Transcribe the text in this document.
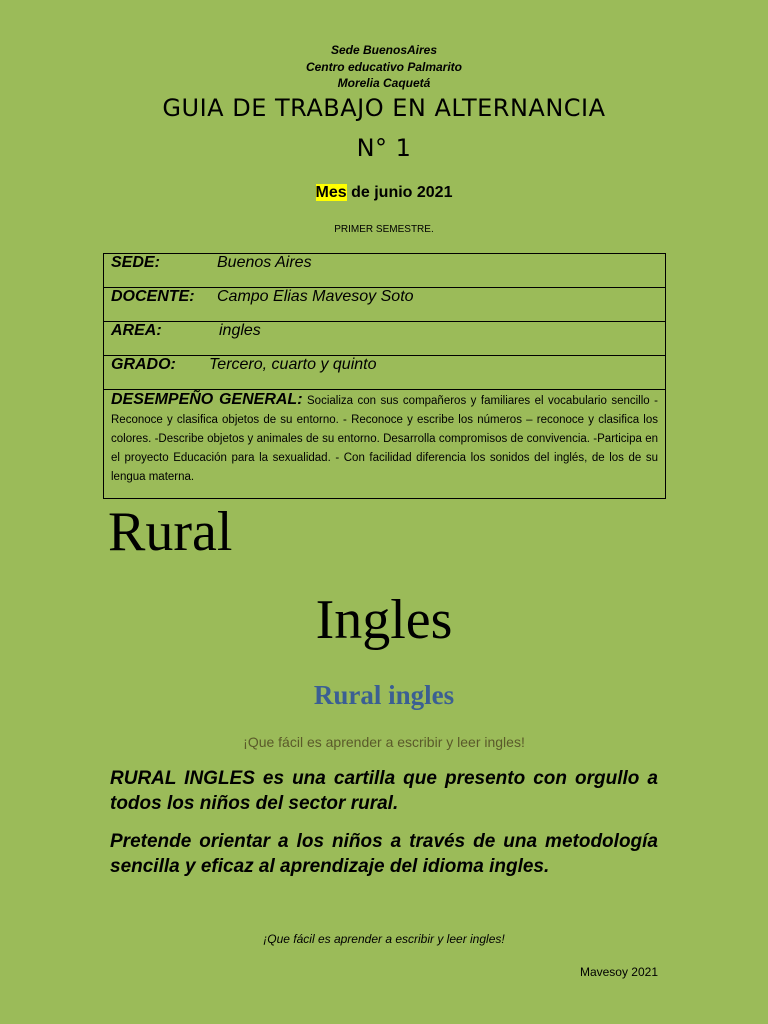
Sede BuenosAires
Centro educativo Palmarito
Morelia Caquetá
GUIA DE TRABAJO EN ALTERNANCIA
N° 1
Mes de junio 2021
PRIMER SEMESTRE.
SEDE:	Buenos Aires
DOCENTE: Campo Elias Mavesoy Soto
AREA:	ingles
GRADO: Tercero, cuarto y quinto

DESEMPEÑO GENERAL: Socializa con sus compañeros y familiares el vocabulario sencillo -Reconoce y clasifica objetos de su entorno. - Reconoce y escribe los números – reconoce y clasifica los colores. -Describe objetos y animales de su entorno. Desarrolla compromisos de convivencia. -Participa en el proyecto Educación para la sexualidad. - Con facilidad diferencia los sonidos del inglés, de los de su lengua materna.
Rural
Ingles
Rural ingles
¡Que fácil es aprender a escribir y leer ingles!
RURAL INGLES es una cartilla que presento con orgullo a todos los niños del sector rural.
Pretende orientar a los niños a través de una metodología sencilla y eficaz al aprendizaje del idioma ingles.
¡Que fácil es aprender a escribir y leer ingles!
Mavesoy 2021
